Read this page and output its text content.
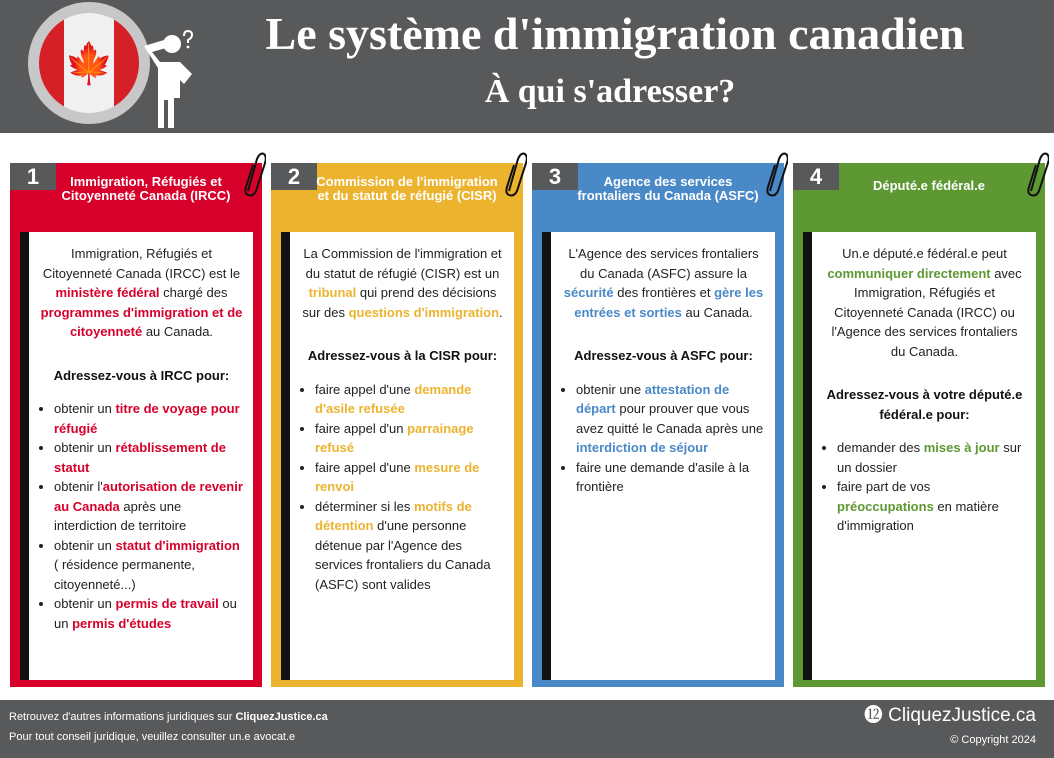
🍁
Le système d'immigration canadien
À qui s'adresser?
1	Immigration, Réfugiés et Citoyenneté Canada (IRCC)

Immigration, Réfugiés et Citoyenneté Canada (IRCC) est le ministère fédéral chargé des programmes d'immigration et de citoyenneté au Canada.

Adressez-vous à IRCC pour:

• obtenir un titre de voyage pour réfugié
• obtenir un rétablissement de statut
• obtenir l'autorisation de revenir au Canada après une interdiction de territoire
• obtenir un statut d'immigration ( résidence permanente, citoyenneté...)
• obtenir un permis de travail ou un permis d'études
2	Commission de l'immigration et du statut de réfugié (CISR)

La Commission de l'immigration et du statut de réfugié (CISR) est un tribunal qui prend des décisions sur des questions d'immigration.

Adressez-vous à la CISR pour:

• faire appel d'une demande d'asile refusée
• faire appel d'un parrainage refusé
• faire appel d'une mesure de renvoi
• déterminer si les motifs de détention d'une personne détenue par l'Agence des services frontaliers du Canada (ASFC) sont valides
3	Agence des services frontaliers du Canada (ASFC)

L'Agence des services frontaliers du Canada (ASFC) assure la sécurité des frontières et gère les entrées et sorties au Canada.

Adressez-vous à ASFC pour:

• obtenir une attestation de départ pour prouver que vous avez quitté le Canada après une interdiction de séjour
• faire une demande d'asile à la frontière
4	Député.e fédéral.e

Un.e député.e fédéral.e peut communiquer directement avec Immigration, Réfugiés et Citoyenneté Canada (IRCC) ou l'Agence des services frontaliers du Canada.

Adressez-vous à votre député.e fédéral.e pour:

• demander des mises à jour sur un dossier
• faire part de vos préoccupations en matière d'immigration
Retrouvez d'autres informations juridiques sur CliquezJustice.ca
Pour tout conseil juridique, veuillez consulter un.e avocat.e
⓬ CliquezJustice.ca
© Copyright 2024
